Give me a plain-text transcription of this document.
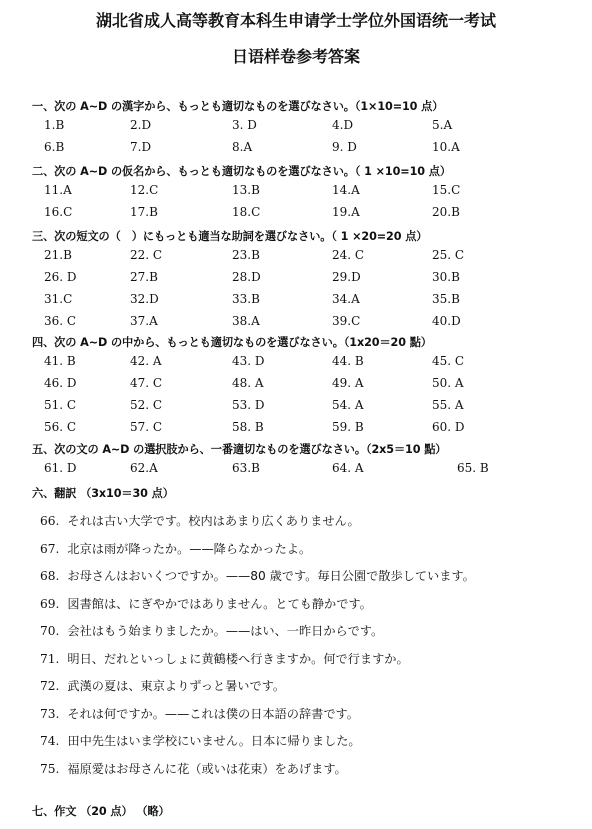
湖北省成人高等教育本科生申请学士学位外国语统一考试
日语样卷参考答案
一、次の A~D の漢字から、もっとも適切なものを選びなさい。（1×10=10 点）
1.B	2.D	3. D	4.D	5.A
6.B	7.D	8.A	9. D	10.A
二、次の A~D の仮名から、もっとも適切なものを選びなさい。（ 1 ×10=10 点）
11.A	12.C	13.B	14.A	15.C
16.C	17.B	18.C	19.A	20.B
三、次の短文の（　）にもっとも適当な助詞を選びなさい。（ 1 ×20=20 点）
21.B	22. C	23.B	24. C	25. C
26. D	27.B	28.D	29.D	30.B
31.C	32.D	33.B	34.A	35.B
36. C	37.A	38.A	39.C	40.D
四、次の A~D の中から、もっとも適切なものを選びなさい。（1x20＝20 點）
41. B	42. A	43. D	44. B	45. C
46. D	47. C	48. A	49. A	50. A
51. C	52. C	53. D	54. A	55. A
56. C	57. C	58. B	59. B	60. D
五、次の文の A~D の選択肢から、一番適切なものを選びなさい。（2x5＝10 點）
61. D	62.A	63.B	64. A	65. B
六、翻訳 （3x10＝30 点）
66. それは古い大学です。校内はあまり広くありません。
67. 北京は雨が降ったか。——降らなかったよ。
68. お母さんはおいくつですか。——80 歳です。毎日公園で散歩しています。
69. 図書館は、にぎやかではありません。とても静かです。
70. 会社はもう始まりましたか。——はい、一昨日からです。
71. 明日、だれといっしょに黄鶴楼へ行きますか。何で行ますか。
72. 武漢の夏は、東京よりずっと暑いです。
73. それは何ですか。——これは僕の日本語の辞書です。
74. 田中先生はいま学校にいません。日本に帰りました。
75. 福原愛はお母さんに花（或いは花束）をあげます。
七、作文 （20 点） （略）
